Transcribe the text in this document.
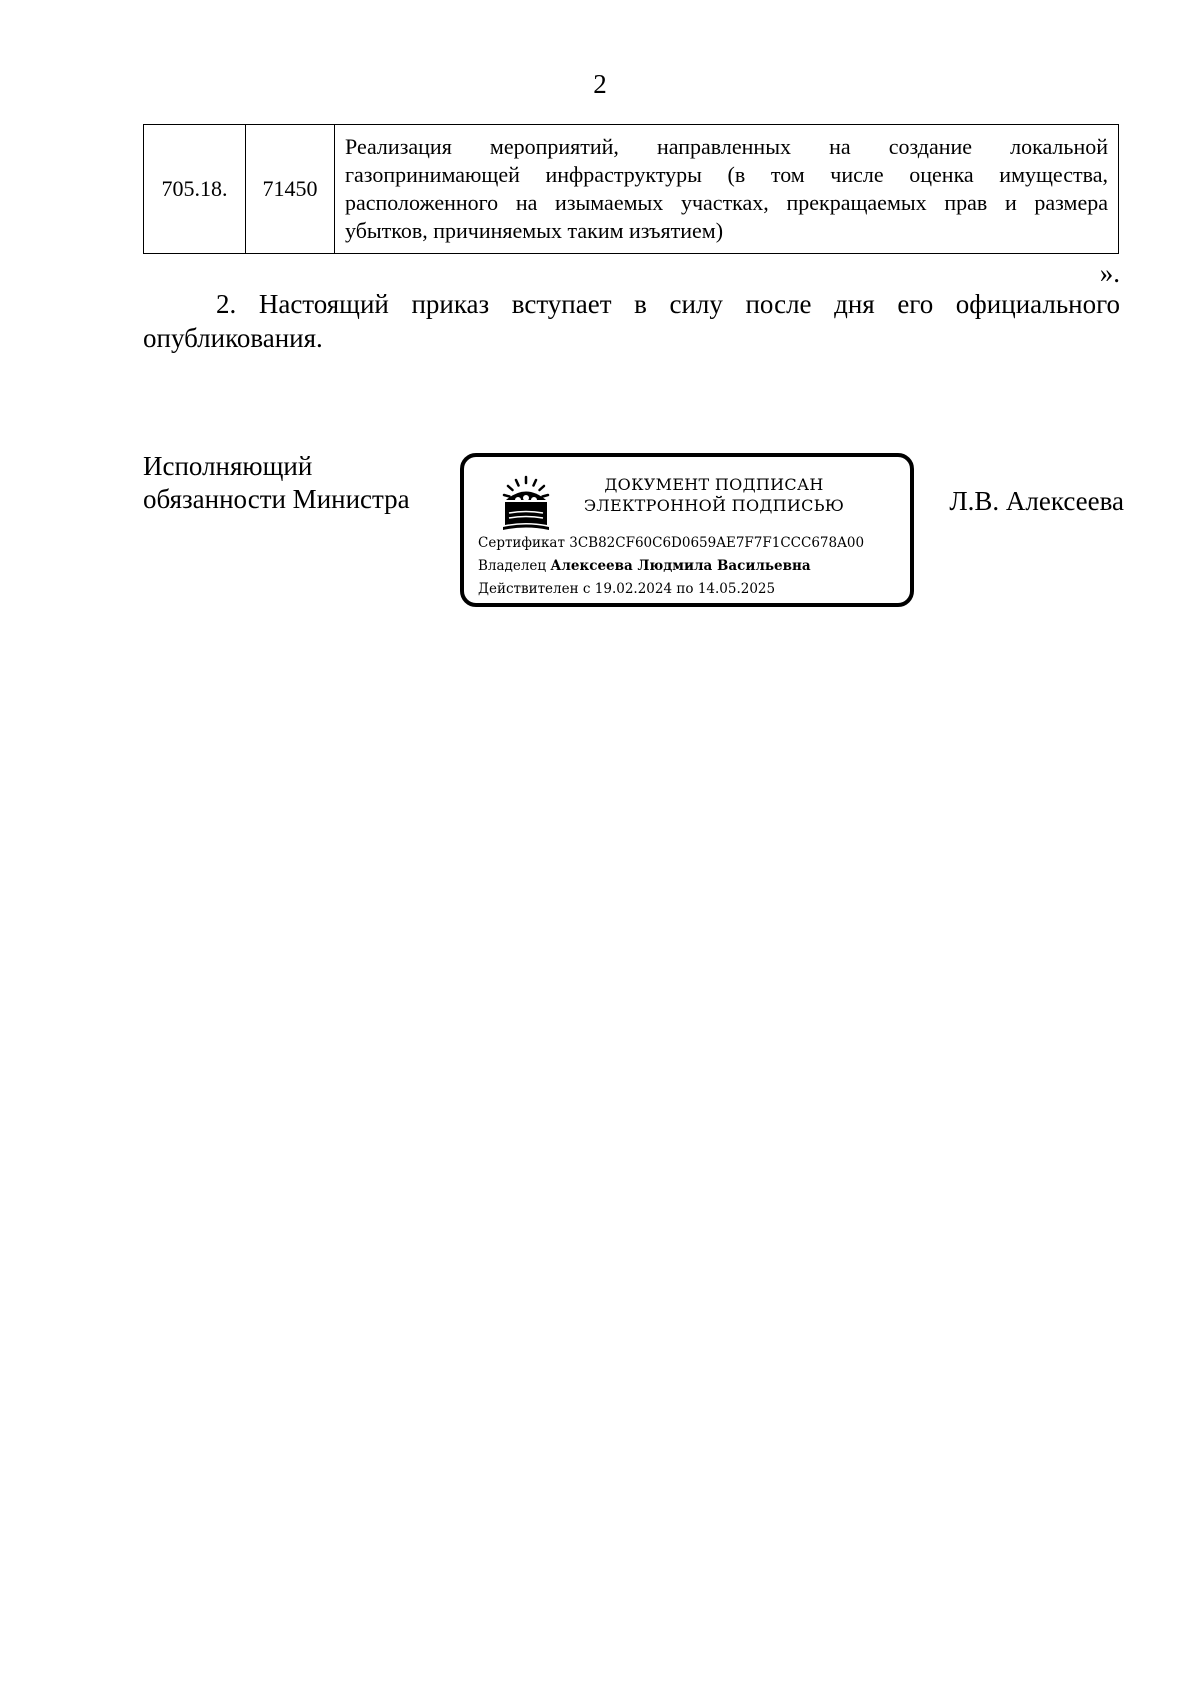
2
705.18.	71450	Реализация мероприятий, направленных на создание локальной газопринимающей инфраструктуры (в том числе оценка имущества, расположенного на изымаемых участках, прекращаемых прав и размера убытков, причиняемых таким изъятием)
».
2. Настоящий приказ вступает в силу после дня его официального опубликования.
Исполняющий
обязанности Министра	Л.В. Алексеева
ДОКУМЕНТ ПОДПИСАН
ЭЛЕКТРОННОЙ ПОДПИСЬЮ
Сертификат 3CB82CF60C6D0659AE7F7F1CCC678A00
Владелец Алексеева Людмила Васильевна
Действителен с 19.02.2024 по 14.05.2025
